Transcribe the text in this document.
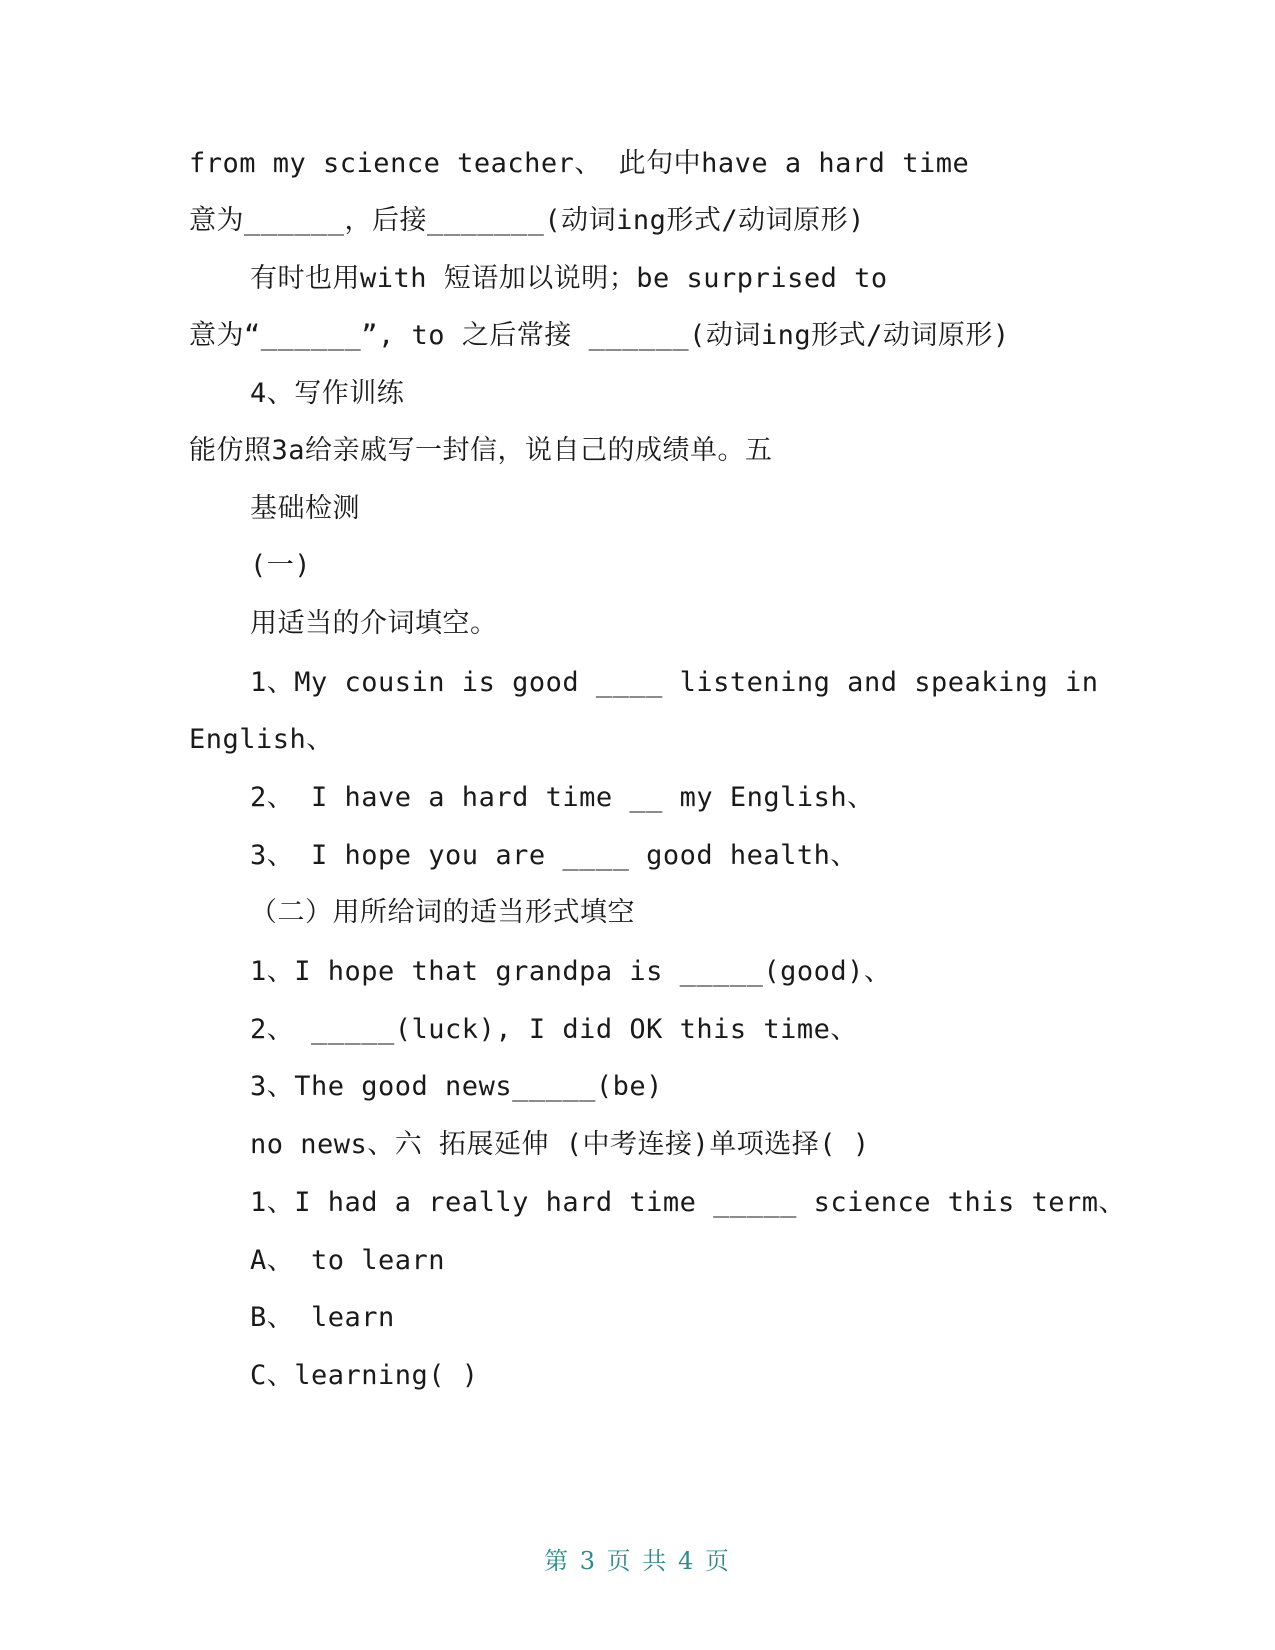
from my science teacher、 此句中have a hard time
意为______，后接_______(动词ing形式/动词原形)
有时也用with 短语加以说明；be surprised to
意为“______”, to 之后常接 ______(动词ing形式/动词原形)
4、写作训练
能仿照3a给亲戚写一封信，说自己的成绩单。五
基础检测
(一)
用适当的介词填空。
1、My cousin is good ____ listening and speaking in
English、
2、 I have a hard time __ my English、
3、 I hope you are ____ good health、
（二）用所给词的适当形式填空
1、I hope that grandpa is _____(good)、
2、 _____(luck), I did OK this time、
3、The good news_____(be)
no news、六 拓展延伸 (中考连接)单项选择( )
1、I had a really hard time _____ science this term、
A、 to learn
B、 learn
C、learning( )
第 3 页 共 4 页
